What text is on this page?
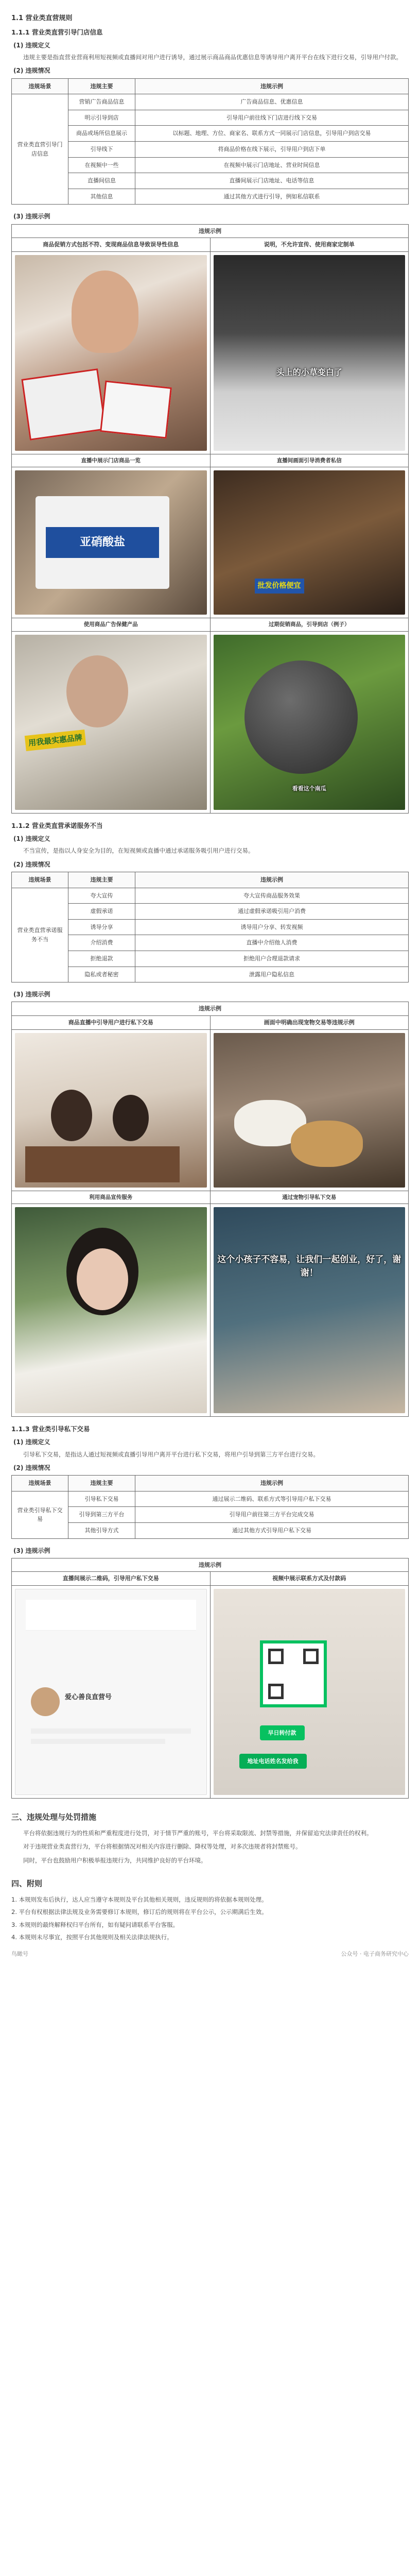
1.1 营业类直营规则
1.1.1 营业类直营引导门店信息
(1) 违规定义

违规主要是指直营业营商利用短视频或直播间对用户进行诱导，通过展示商品商品优惠信息等诱导用户离开平台在线下进行交易，引导用户付款。

(2) 违规情况
违规场景	违规主要	违规示例
营业类直营引导门店信息	营销广告商品信息	广告商品信息、优惠信息
	明示引导到店	引导用户前往线下门店进行线下交易
	商品或场所信息展示	以标题、地理、方位、商家名、联系方式一同展示门店信息，引导用户到店交易
	引导线下	将商品价格在线下展示，引导用户到店下单
	在视频中一些	在视频中展示门店地址、营业时间信息
	直播间信息	直播间展示门店地址、电话等信息
	其他信息	通过其他方式进行引导，例如私信联系
(3) 违规示例
违规示例	
商品促销方式包括不符、变现商品信息导致误导性信息	说明，不允许宣传、使用商家定制单

	头上的小草变白了

直播中展示门店商品一览	直播间画面引导消费者私信

亚硝酸盐	批发价格便宜

使用商品广告保健产品	过期促销商品，引导到店（例子）

用我最实惠品牌	看看这个南瓜
1.1.2 营业类直营承诺服务不当
(1) 违规定义

不当宣传，是指以人身安全为目的，在短视频或直播中通过承诺服务吸引用户进行交易。

(2) 违规情况
违规场景	违规主要	违规示例
营业类直营承诺服务不当	夸大宣传	夸大宣传商品服务效果
	虚假承诺	通过虚假承诺吸引用户消费
	诱导分享	诱导用户分享、转发视频
	介绍消费	直播中介绍他人消费
	拒绝退款	拒绝用户合理退款请求
	隐私或者秘密	泄露用户隐私信息
(3) 违规示例
违规示例	
商品直播中引导用户进行私下交易	画面中明确出现宠物交易等违规示例

利用商品宣传服务	通过宠物引导私下交易

	这个小孩子不容易，让我们一起创业，好了，谢谢！
1.1.3 营业类引导私下交易
(1) 违规定义

引导私下交易，是指达人通过短视频或直播引导用户离开平台进行私下交易，将用户引导到第三方平台进行交易。

(2) 违规情况
违规场景	违规主要	违规示例
营业类引导私下交易	引导私下交易	通过展示二维码、联系方式等引导用户私下交易
	引导到第三方平台	引导用户前往第三方平台完成交易
	其他引导方式	通过其他方式引导用户私下交易
(3) 违规示例
违规示例	
直播间展示二维码，引导用户私下交易	视频中展示联系方式及付款码

爱心善良直营号	早日转付款
地址电话姓名发给我
三、违规处理与处罚措施

平台将依据违规行为的性质和严重程度进行处罚，对于情节严重的账号，平台将采取限流、封禁等措施，并保留追究法律责任的权利。

对于违规营业类直营行为，平台将根据情况对相关内容进行删除、降权等处理，对多次违规者将封禁账号。

同时，平台也鼓励用户积极举报违规行为，共同维护良好的平台环境。

四、附则
1. 本规则发布后执行，达人应当遵守本规则及平台其他相关规则，违反规则的将依据本规则处理。
2. 平台有权根据法律法规及业务需要修订本规则，修订后的规则将在平台公示，公示期满后生效。
3. 本规则的最终解释权归平台所有，如有疑问请联系平台客服。
4. 本规则未尽事宜，按照平台其他规则及相关法律法规执行。
鸟瞰号	公众号 · 电子商务研究中心
